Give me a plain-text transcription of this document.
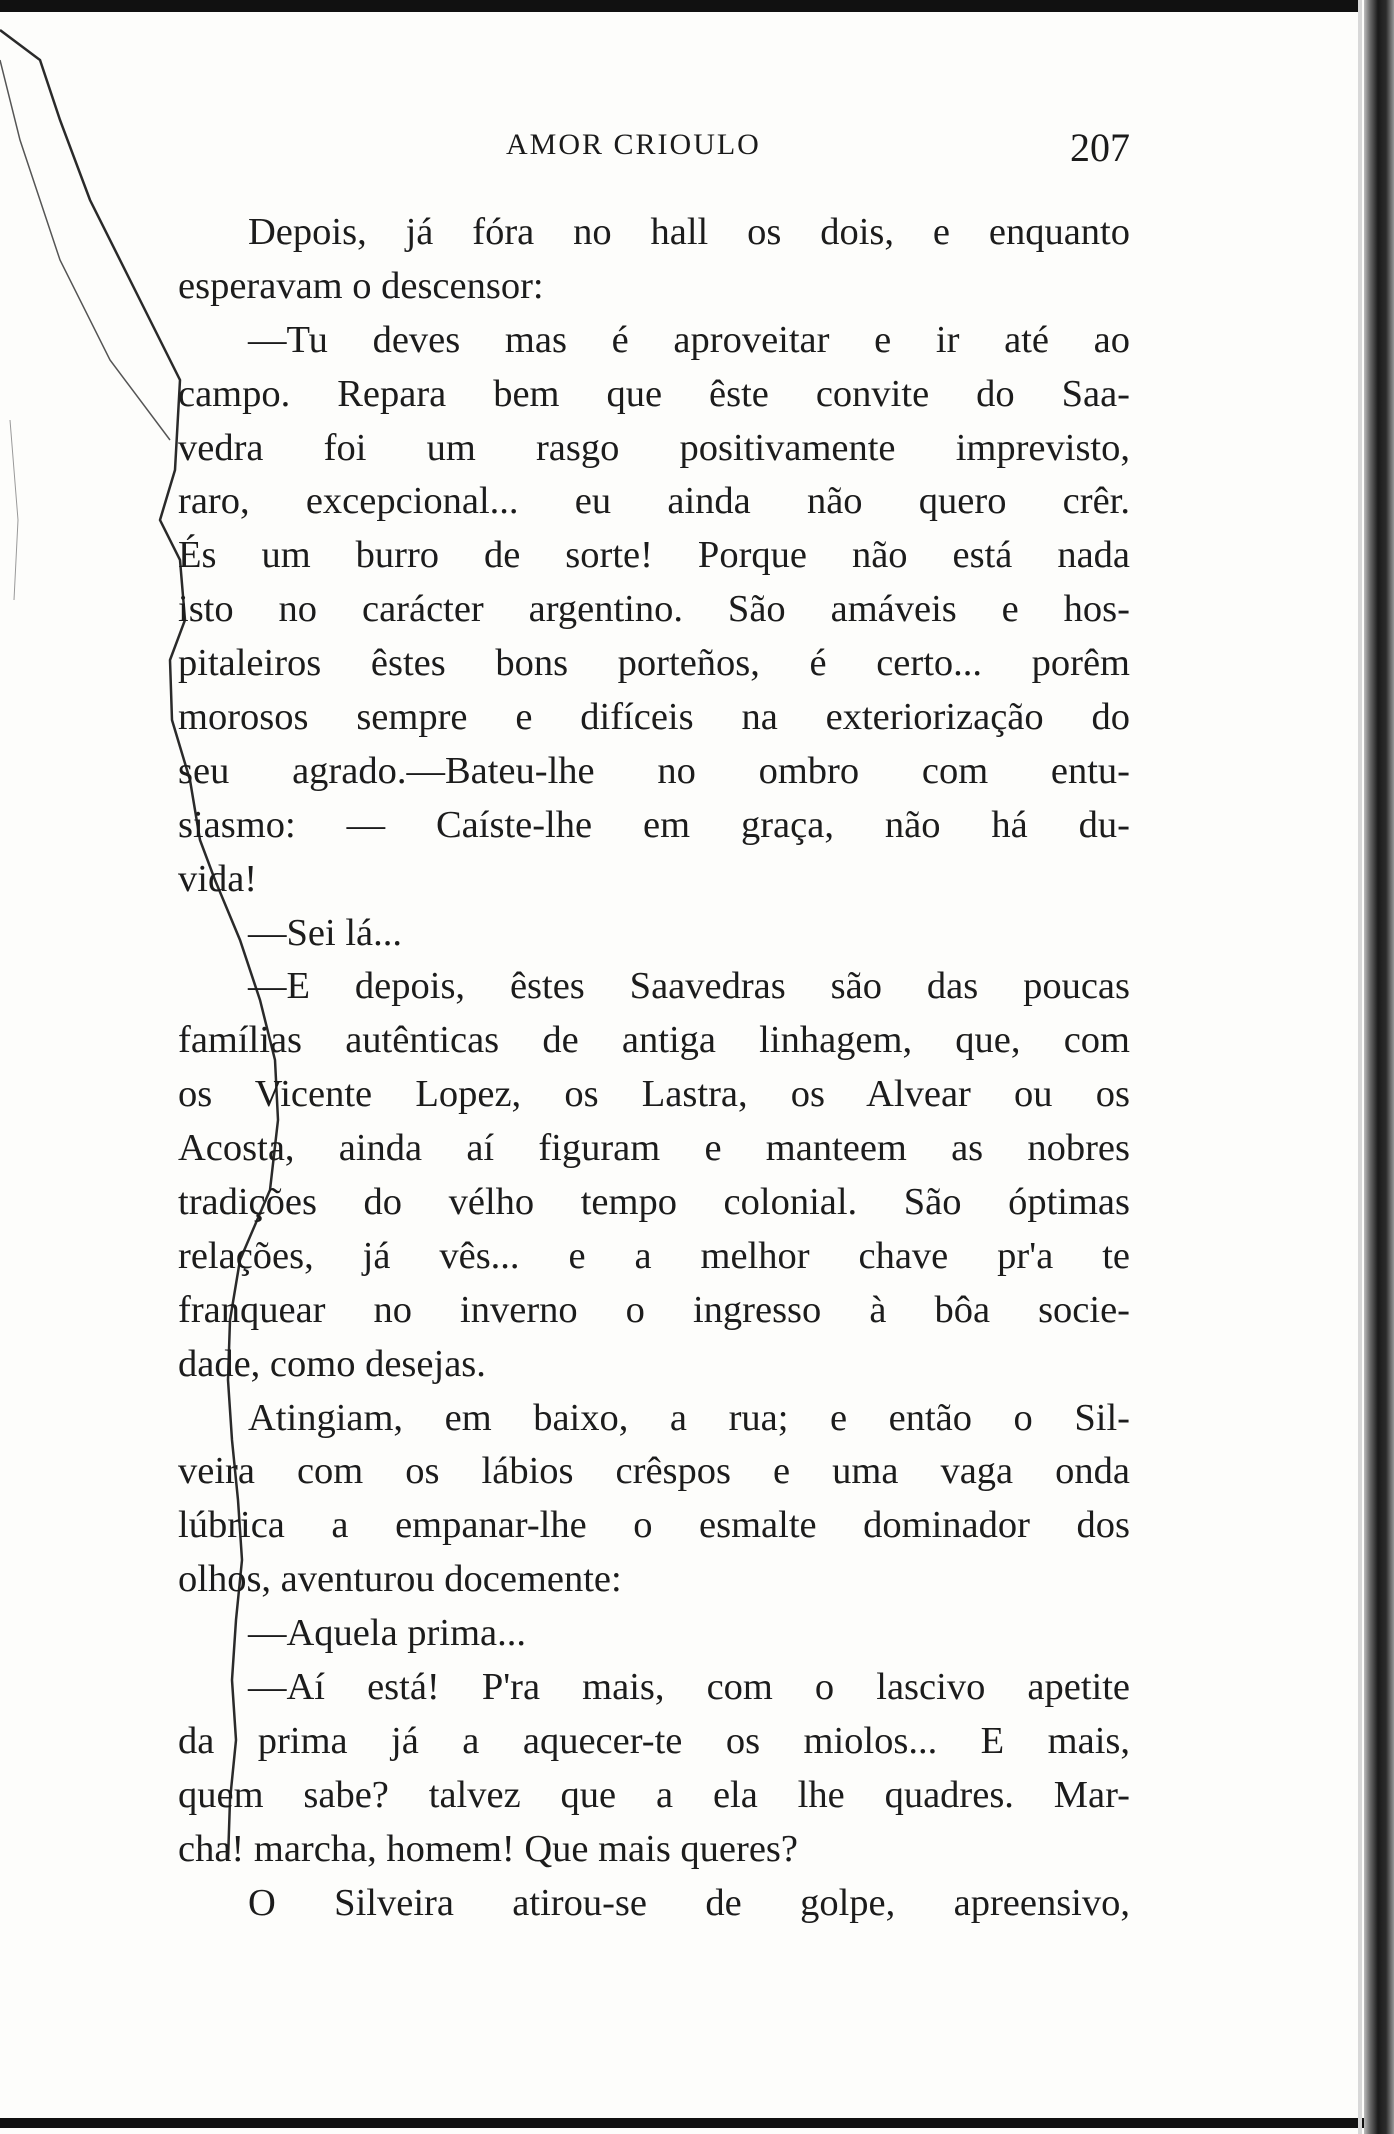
AMOR CRIOULO	207
Depois, já fóra no hall os dois, e enquanto
esperavam o descensor:
—Tu deves mas é aproveitar e ir até ao
campo. Repara bem que êste convite do Saa-
vedra foi um rasgo positivamente imprevisto,
raro, excepcional... eu ainda não quero crêr.
És um burro de sorte! Porque não está nada
isto no carácter argentino. São amáveis e hos-
pitaleiros êstes bons porteños, é certo... porêm
morosos sempre e difíceis na exteriorização do
seu agrado.—Bateu-lhe no ombro com entu-
siasmo: — Caíste-lhe em graça, não há du-
vida!
—Sei lá...
—E depois, êstes Saavedras são das poucas
famílias autênticas de antiga linhagem, que, com
os Vicente Lopez, os Lastra, os Alvear ou os
Acosta, ainda aí figuram e manteem as nobres
tradições do vélho tempo colonial. São óptimas
relações, já vês... e a melhor chave pr'a te
franquear no inverno o ingresso à bôa socie-
dade, como desejas.
Atingiam, em baixo, a rua; e então o Sil-
veira com os lábios crêspos e uma vaga onda
lúbrica a empanar-lhe o esmalte dominador dos
olhos, aventurou docemente:
—Aquela prima...
—Aí está! P'ra mais, com o lascivo apetite
da prima já a aquecer-te os miolos... E mais,
quem sabe? talvez que a ela lhe quadres. Mar-
cha! marcha, homem! Que mais queres?
O Silveira atirou-se de golpe, apreensivo,
